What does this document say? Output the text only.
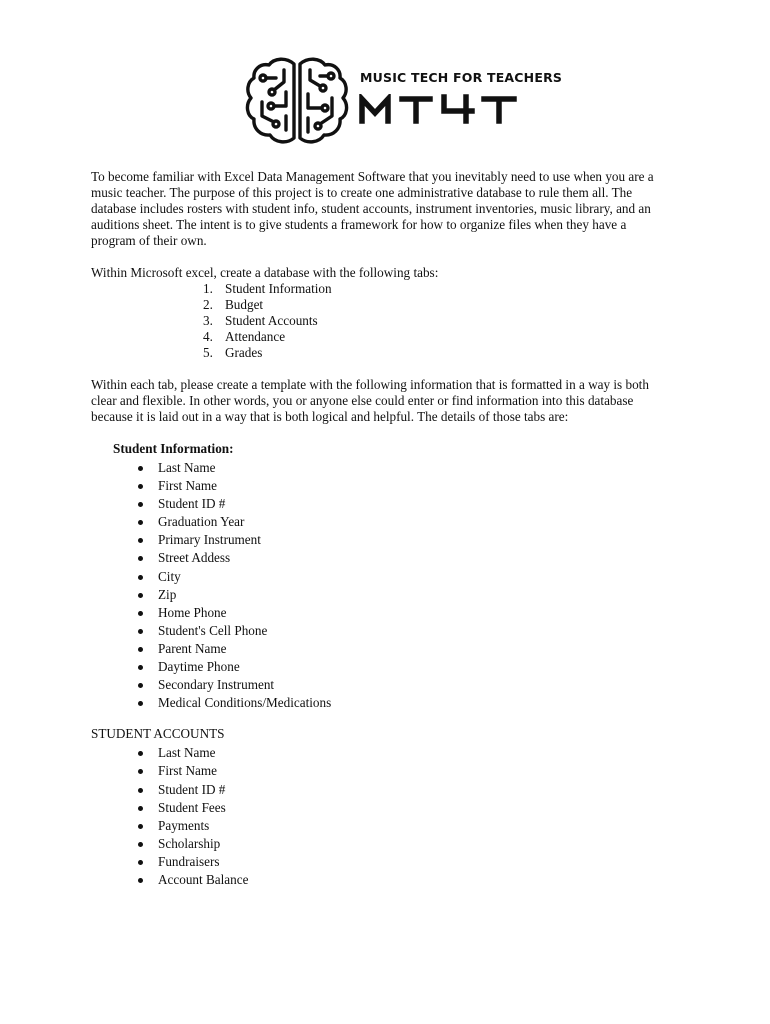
MUSIC TECH FOR TEACHERS

To become familiar with Excel Data Management Software that you inevitably need to use when you are a music teacher. The purpose of this project is to create one administrative database to rule them all. The database includes rosters with student info, student accounts, instrument inventories, music library, and an auditions sheet. The intent is to give students a framework for how to organize files when they have a program of their own.

Within Microsoft excel, create a database with the following tabs:

1. Student Information
2. Budget
3. Student Accounts
4. Attendance
5. Grades

Within each tab, please create a template with the following information that is formatted in a way is both clear and flexible. In other words, you or anyone else could enter or find information into this database because it is laid out in a way that is both logical and helpful. The details of those tabs are:

Student Information:
Last Name
First Name
Student ID #
Graduation Year
Primary Instrument
Street Addess
City
Zip
Home Phone
Student's Cell Phone
Parent Name
Daytime Phone
Secondary Instrument
Medical Conditions/Medications
STUDENT ACCOUNTS
Last Name
First Name
Student ID #
Student Fees
Payments
Scholarship
Fundraisers
Account Balance
